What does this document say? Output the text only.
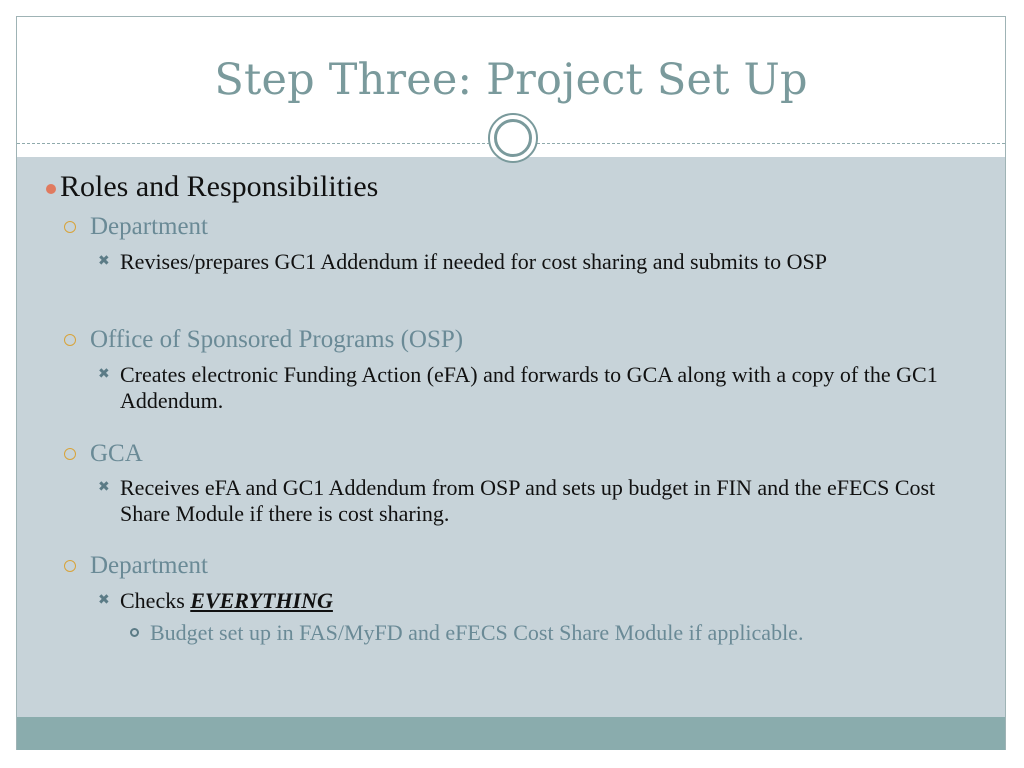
Step Three: Project Set Up
Roles and Responsibilities
Department
✖ Revises/prepares GC1 Addendum if needed for cost sharing and submits to OSP
Office of Sponsored Programs (OSP)
✖ Creates electronic Funding Action (eFA) and forwards to GCA along with a copy of the GC1 Addendum.
GCA
✖ Receives eFA and GC1 Addendum from OSP and sets up budget in FIN and the eFECS Cost Share Module if there is cost sharing.
Department
✖ Checks EVERYTHING
Budget set up in FAS/MyFD and eFECS Cost Share Module if applicable.
